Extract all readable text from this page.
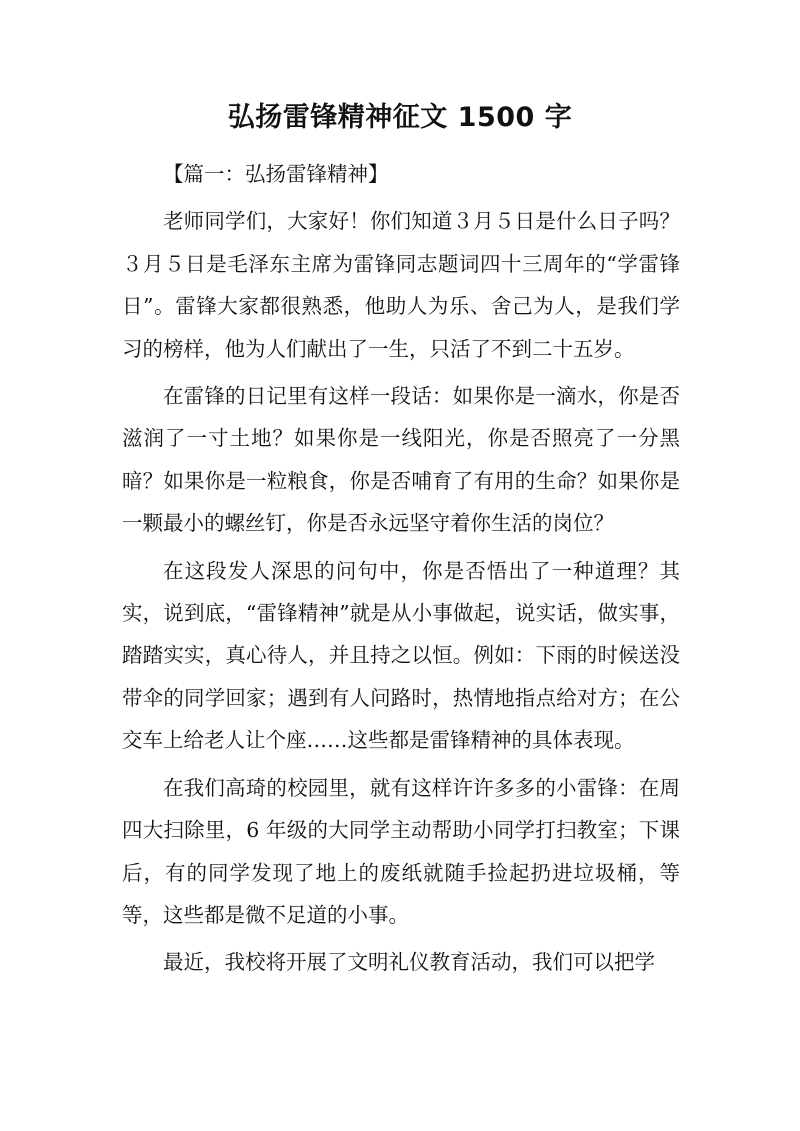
弘扬雷锋精神征文 1500 字
【篇一：弘扬雷锋精神】

老师同学们，大家好！你们知道３月５日是什么日子吗？３月５日是毛泽东主席为雷锋同志题词四十三周年的“学雷锋日”。雷锋大家都很熟悉，他助人为乐、舍己为人，是我们学习的榜样，他为人们献出了一生，只活了不到二十五岁。

在雷锋的日记里有这样一段话：如果你是一滴水，你是否滋润了一寸土地？如果你是一线阳光，你是否照亮了一分黑暗？如果你是一粒粮食，你是否哺育了有用的生命？如果你是一颗最小的螺丝钉，你是否永远坚守着你生活的岗位？

在这段发人深思的问句中，你是否悟出了一种道理？其实，说到底，“雷锋精神”就是从小事做起，说实话，做实事，踏踏实实，真心待人，并且持之以恒。例如：下雨的时候送没带伞的同学回家；遇到有人问路时，热情地指点给对方；在公交车上给老人让个座……这些都是雷锋精神的具体表现。

在我们高琦的校园里，就有这样许许多多的小雷锋：在周四大扫除里，6 年级的大同学主动帮助小同学打扫教室；下课后，有的同学发现了地上的废纸就随手捡起扔进垃圾桶，等等，这些都是微不足道的小事。

最近，我校将开展了文明礼仪教育活动，我们可以把学
